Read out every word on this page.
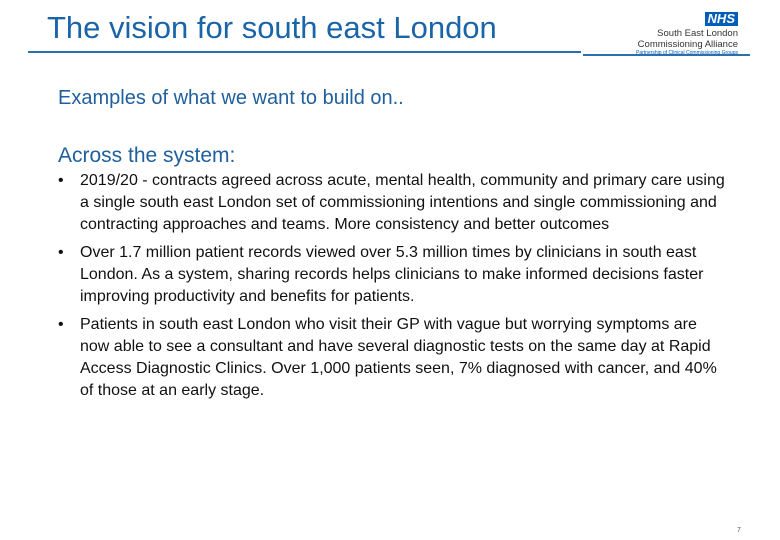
The vision for south east London	NHS
South East London
Commissioning Alliance
Partnership of Clinical Commissioning Groups
Examples of what we want to build on..
Across the system:
• 2019/20 - contracts agreed across acute, mental health, community and primary care using a single south east London set of commissioning intentions and single commissioning and contracting approaches and teams. More consistency and better outcomes
• Over 1.7 million patient records viewed over 5.3 million times by clinicians in south east London. As a system, sharing records helps clinicians to make informed decisions faster improving productivity and benefits for patients.
• Patients in south east London who visit their GP with vague but worrying symptoms are now able to see a consultant and have several diagnostic tests on the same day at Rapid Access Diagnostic Clinics. Over 1,000 patients seen, 7% diagnosed with cancer, and 40% of those at an early stage.
7
